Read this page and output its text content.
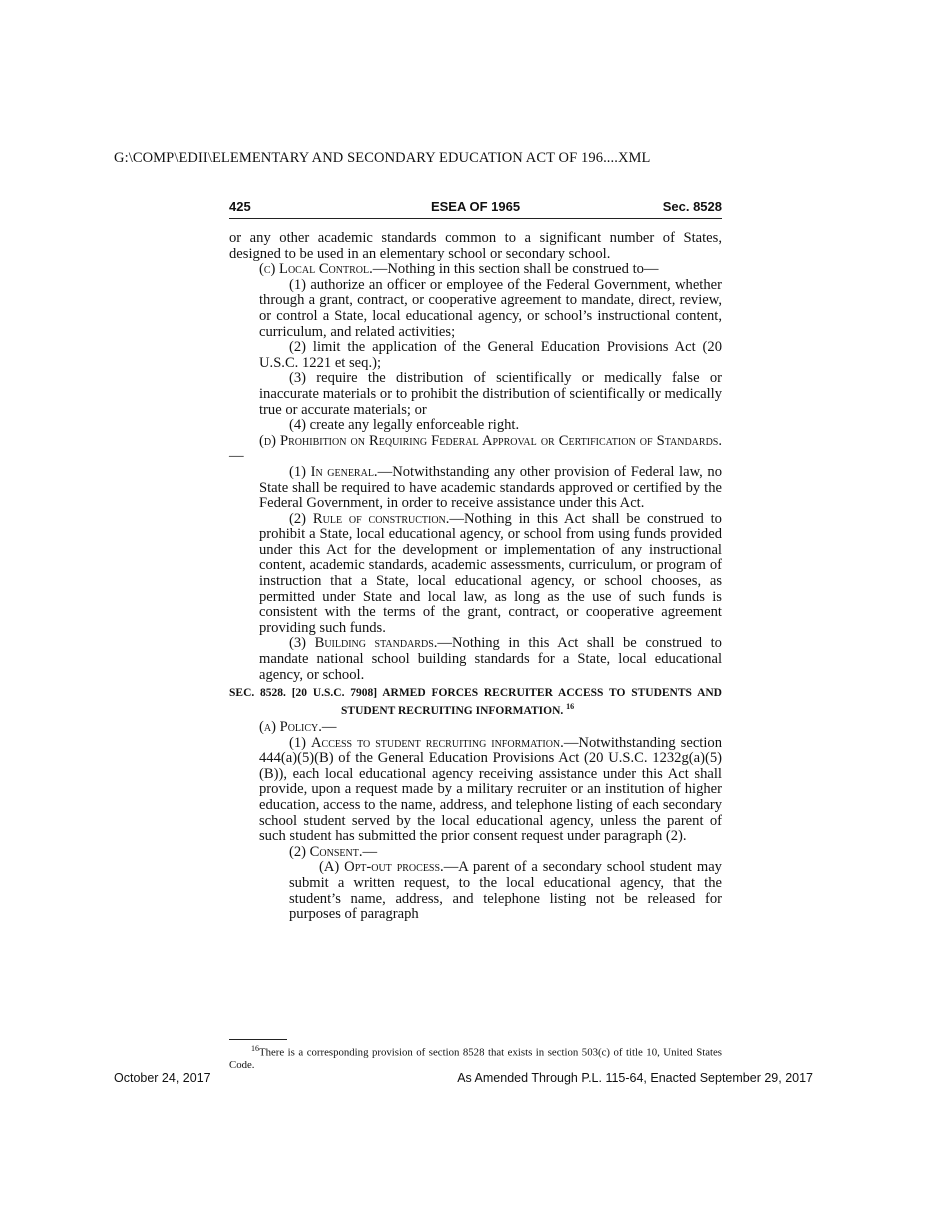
G:\COMP\EDII\ELEMENTARY AND SECONDARY EDUCATION ACT OF 196....XML
425	ESEA OF 1965	Sec. 8528

or any other academic standards common to a significant number of States, designed to be used in an elementary school or secondary school.

(c) Local Control.—Nothing in this section shall be construed to—

(1) authorize an officer or employee of the Federal Government, whether through a grant, contract, or cooperative agreement to mandate, direct, review, or control a State, local educational agency, or school’s instructional content, curriculum, and related activities;

(2) limit the application of the General Education Provisions Act (20 U.S.C. 1221 et seq.);

(3) require the distribution of scientifically or medically false or inaccurate materials or to prohibit the distribution of scientifically or medically true or accurate materials; or

(4) create any legally enforceable right.

(d) Prohibition on Requiring Federal Approval or Certification of Standards.—

(1) In general.—Notwithstanding any other provision of Federal law, no State shall be required to have academic standards approved or certified by the Federal Government, in order to receive assistance under this Act.

(2) Rule of construction.—Nothing in this Act shall be construed to prohibit a State, local educational agency, or school from using funds provided under this Act for the development or implementation of any instructional content, academic standards, academic assessments, curriculum, or program of instruction that a State, local educational agency, or school chooses, as permitted under State and local law, as long as the use of such funds is consistent with the terms of the grant, contract, or cooperative agreement providing such funds.

(3) Building standards.—Nothing in this Act shall be construed to mandate national school building standards for a State, local educational agency, or school.

SEC. 8528. [20 U.S.C. 7908] ARMED FORCES RECRUITER ACCESS TO STUDENTS AND STUDENT RECRUITING INFORMATION. $^{16}$

(a) Policy.—

(1) Access to student recruiting information.—Notwithstanding section 444(a)(5)(B) of the General Education Provisions Act (20 U.S.C. 1232g(a)(5)(B)), each local educational agency receiving assistance under this Act shall provide, upon a request made by a military recruiter or an institution of higher education, access to the name, address, and telephone listing of each secondary school student served by the local educational agency, unless the parent of such student has submitted the prior consent request under paragraph (2).

(2) Consent.—

(A) Opt-out process.—A parent of a secondary school student may submit a written request, to the local educational agency, that the student’s name, address, and telephone listing not be released for purposes of paragraph

$^{16}$There is a corresponding provision of section 8528 that exists in section 503(c) of title 10, United States Code.
October 24, 2017	As Amended Through P.L. 115-64, Enacted September 29, 2017
